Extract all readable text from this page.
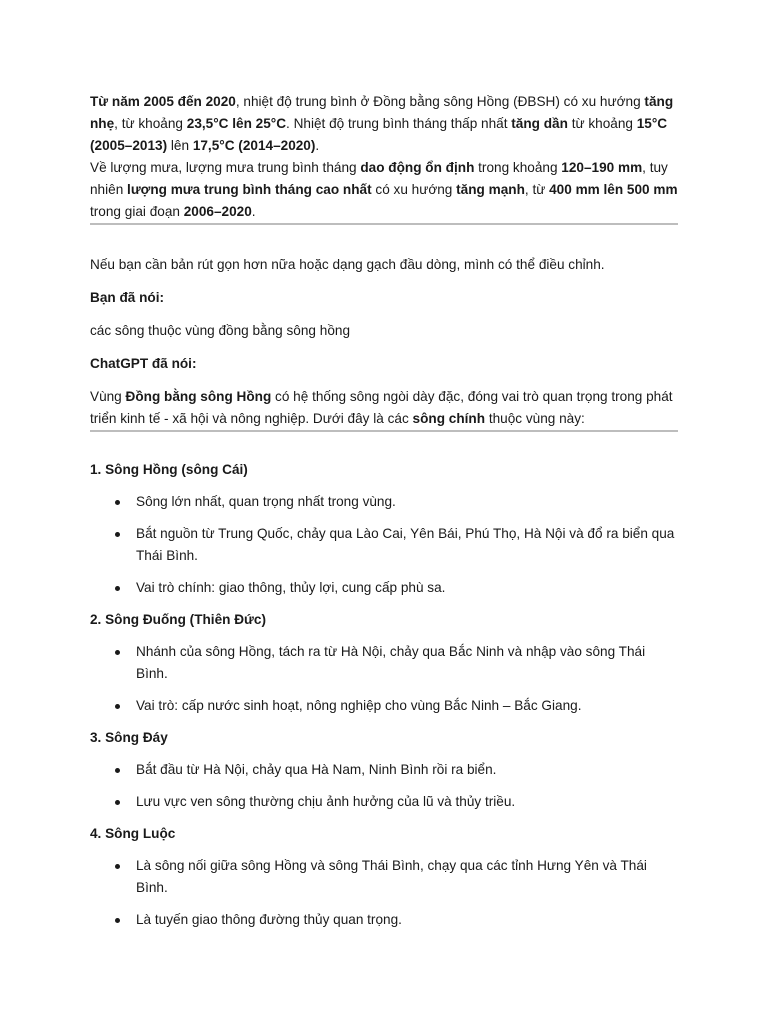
Từ năm 2005 đến 2020, nhiệt độ trung bình ở Đồng bằng sông Hồng (ĐBSH) có xu hướng tăng nhẹ, từ khoảng 23,5°C lên 25°C. Nhiệt độ trung bình tháng thấp nhất tăng dần từ khoảng 15°C (2005–2013) lên 17,5°C (2014–2020).

Về lượng mưa, lượng mưa trung bình tháng dao động ổn định trong khoảng 120–190 mm, tuy nhiên lượng mưa trung bình tháng cao nhất có xu hướng tăng mạnh, từ 400 mm lên 500 mm trong giai đoạn 2006–2020.

Nếu bạn cần bản rút gọn hơn nữa hoặc dạng gạch đầu dòng, mình có thể điều chỉnh.

Bạn đã nói:

các sông thuộc vùng đồng bằng sông hồng

ChatGPT đã nói:

Vùng Đồng bằng sông Hồng có hệ thống sông ngòi dày đặc, đóng vai trò quan trọng trong phát triển kinh tế - xã hội và nông nghiệp. Dưới đây là các sông chính thuộc vùng này:

1. Sông Hồng (sông Cái)
Sông lớn nhất, quan trọng nhất trong vùng.
Bắt nguồn từ Trung Quốc, chảy qua Lào Cai, Yên Bái, Phú Thọ, Hà Nội và đổ ra biển qua Thái Bình.
Vai trò chính: giao thông, thủy lợi, cung cấp phù sa.
2. Sông Đuống (Thiên Đức)
Nhánh của sông Hồng, tách ra từ Hà Nội, chảy qua Bắc Ninh và nhập vào sông Thái Bình.
Vai trò: cấp nước sinh hoạt, nông nghiệp cho vùng Bắc Ninh – Bắc Giang.
3. Sông Đáy
Bắt đầu từ Hà Nội, chảy qua Hà Nam, Ninh Bình rồi ra biển.
Lưu vực ven sông thường chịu ảnh hưởng của lũ và thủy triều.
4. Sông Luộc
Là sông nối giữa sông Hồng và sông Thái Bình, chạy qua các tỉnh Hưng Yên và Thái Bình.
Là tuyến giao thông đường thủy quan trọng.
